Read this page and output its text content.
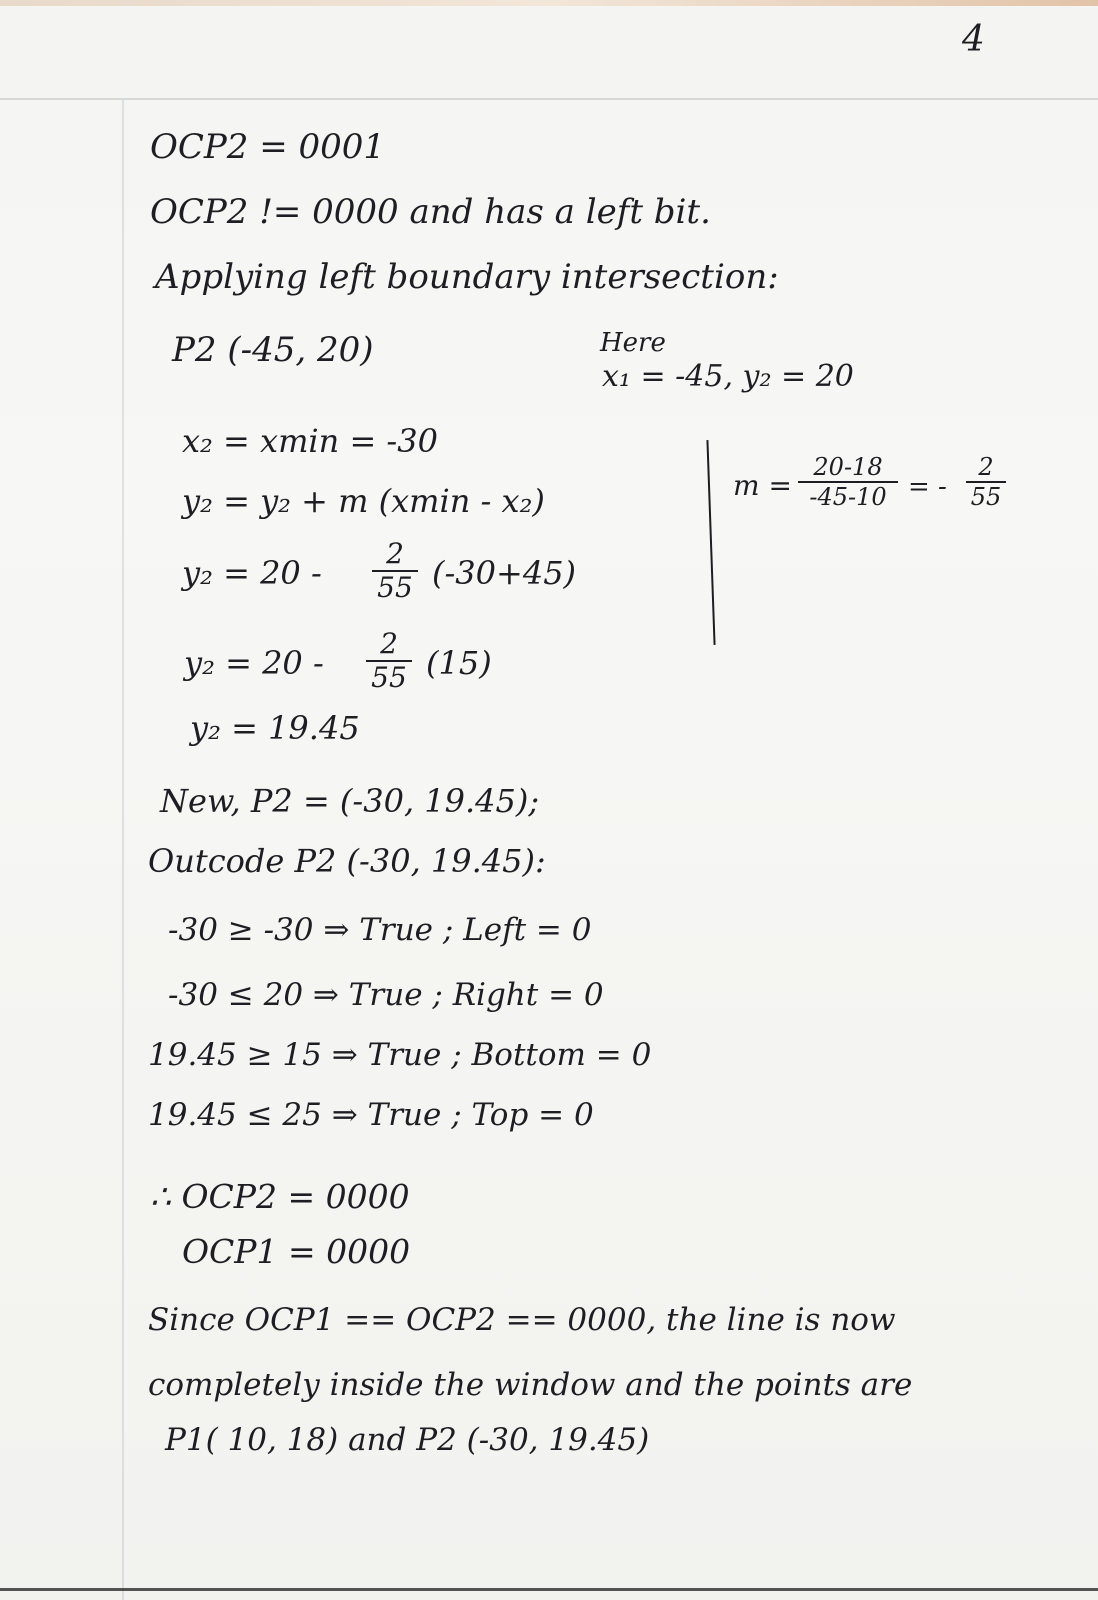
4
OCP2 = 0001
OCP2 != 0000 and has a left bit.
Applying left boundary intersection:
P2 (-45, 20)	Here
x₁ = -45, y₂ = 20
x₂ = xmin = -30
y₂ = y₂ + m (xmin - x₂)
y₂ = 20 -
2
55 (-30+45)
y₂ = 20 -
2
55 (15)
y₂ = 19.45
m =
20-18
-45-10 = -
2
55
New, P2 = (-30, 19.45);
Outcode P2 (-30, 19.45):
-30 ≥ -30 ⇒ True ; Left = 0
-30 ≤ 20 ⇒ True ; Right = 0
19.45 ≥ 15 ⇒ True ; Bottom = 0
19.45 ≤ 25 ⇒ True ; Top = 0
∴ OCP2 = 0000
OCP1 = 0000
Since OCP1 == OCP2 == 0000, the line is now
completely inside the window and the points are
P1( 10, 18) and P2 (-30, 19.45)
